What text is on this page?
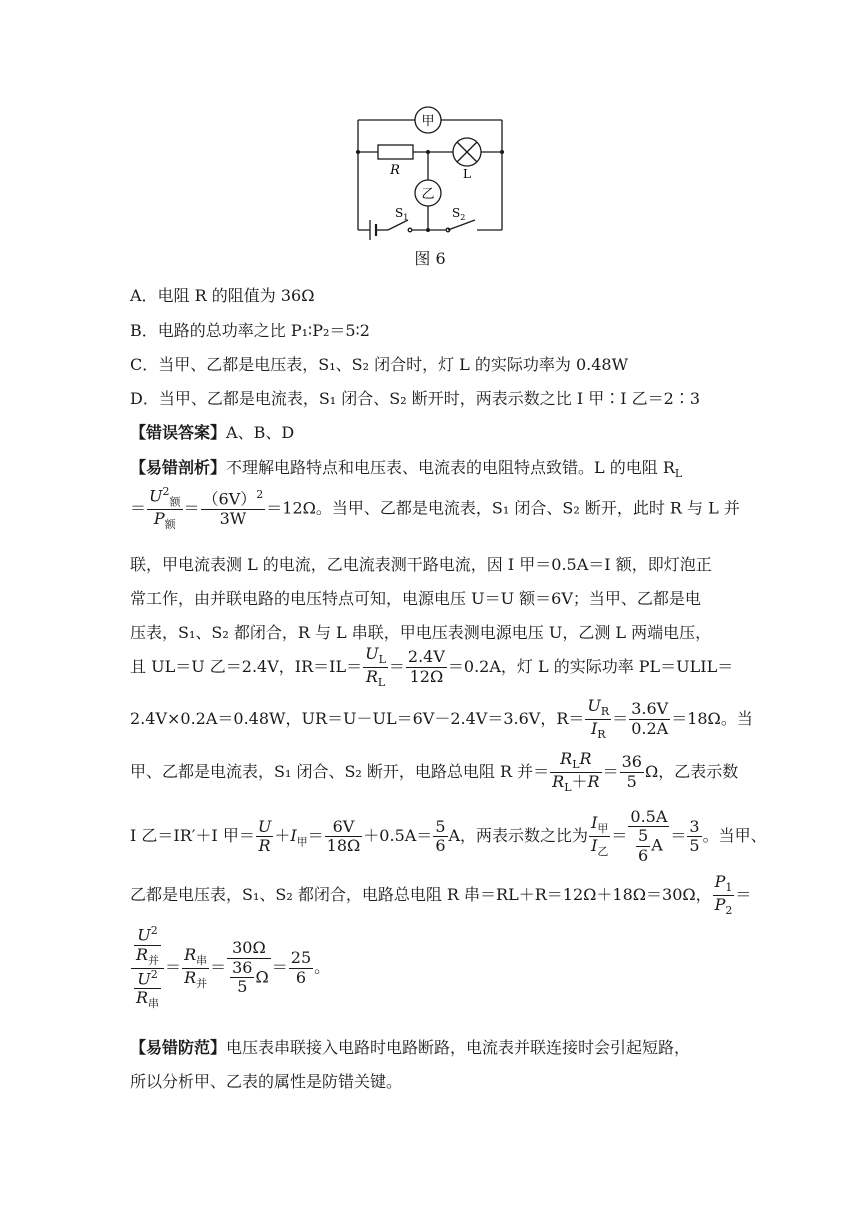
甲
乙
R	L
$S_1$	$S_2$
图 6
A．电阻 R 的阻值为 36Ω
B．电路的总功率之比 P₁∶P₂＝5∶2
C．当甲、乙都是电压表，S₁、S₂ 闭合时，灯 L 的实际功率为 0.48W
D．当甲、乙都是电流表，S₁ 闭合、S₂ 断开时，两表示数之比 I 甲∶I 乙＝2∶3
【错误答案】A、B、D
【易错剖析】不理解电路特点和电压表、电流表的电阻特点致错。L 的电阻 $R_L$
＝ $\frac{U^2_额}{P_额} = \frac{(6V)^2}{3W} =12\Omega$。当甲、乙都是电流表，S₁ 闭合、S₂ 断开，此时 R 与 L 并
联，甲电流表测 L 的电流，乙电流表测干路电流，因 I 甲＝0.5A＝I 额，即灯泡正
常工作，由并联电路的电压特点可知，电源电压 U＝U 额＝6V；当甲、乙都是电
压表，S₁、S₂ 都闭合，R 与 L 串联，甲电压表测电源电压 U，乙测 L 两端电压，
且 UL＝U 乙＝2.4V，$IR=IL= \frac{U_L}{R_L} = \frac{2.4V}{12\Omega} =0.2A$，灯 L 的实际功率 PL＝ULIL＝
2.4V×0.2A＝0.48W，UR＝U－UL＝6V－2.4V＝3.6V，$R= \frac{U_R}{I_R} = \frac{3.6V}{0.2A} =18\Omega$。当
甲、乙都是电流表，S₁ 闭合、S₂ 断开，电路总电阻 R 并＝ $\frac{R_LR}{R_L+R} = \frac{36}{5}$ Ω，乙表示数
I 乙＝IR′＋I 甲＝ $\frac{U}{R} +I_甲= \frac{6V}{18\Omega} +0.5A= \frac{5}{6}$ A，两表示数之比为 $\frac{I_甲}{I_乙} = \frac{0.5A}{\frac{5}{6} A} = \frac{3}{5}$ 。当甲、
乙都是电压表，S₁、S₂ 都闭合，电路总电阻 R 串＝RL＋R＝12Ω＋18Ω＝30Ω， $\frac{P_1}{P_2}$ ＝
$\frac{\frac{U^2}{R_并}}{\frac{U^2}{R_串}} = \frac{R_串}{R_并} = \frac{30\Omega}{\frac{36}{5} \Omega} = \frac{25}{6}$ 。
【易错防范】电压表串联接入电路时电路断路，电流表并联连接时会引起短路，
所以分析甲、乙表的属性是防错关键。
